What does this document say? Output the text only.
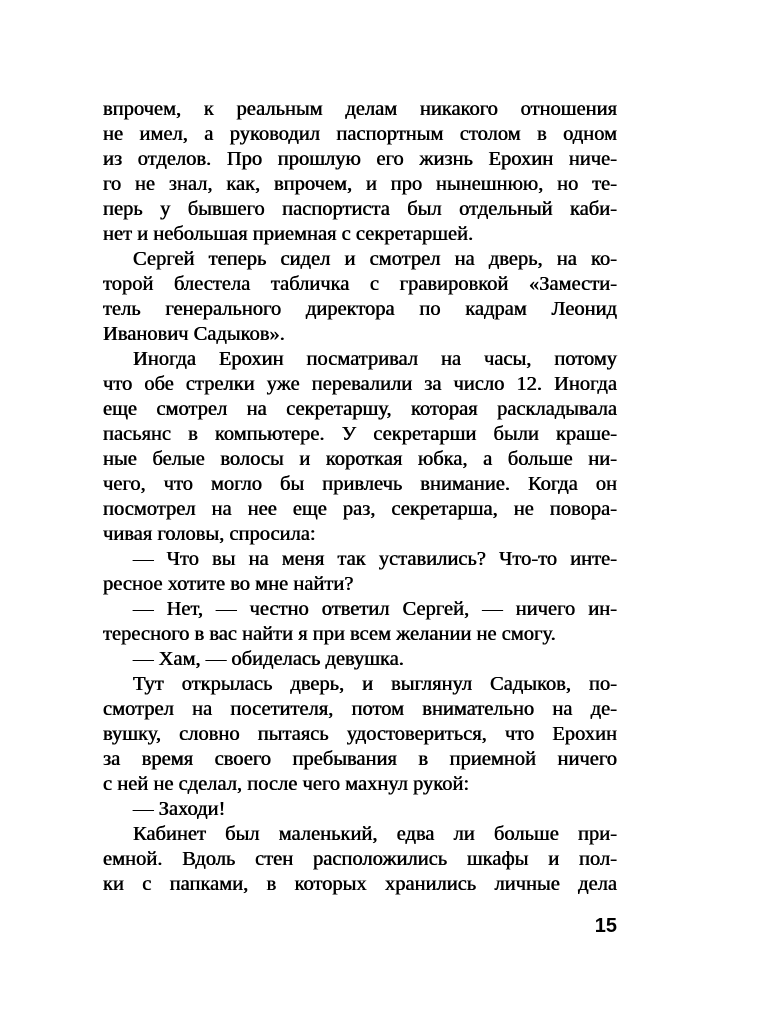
впрочем, к реальным делам никакого отношения
не имел, а руководил паспортным столом в одном
из отделов. Про прошлую его жизнь Ерохин ниче-
го не знал, как, впрочем, и про нынешнюю, но те-
перь у бывшего паспортиста был отдельный каби-
нет и небольшая приемная с секретаршей.
Сергей теперь сидел и смотрел на дверь, на ко-
торой блестела табличка с гравировкой «Замести-
тель генерального директора по кадрам Леонид
Иванович Садыков».
Иногда Ерохин посматривал на часы, потому
что обе стрелки уже перевалили за число 12. Иногда
еще смотрел на секретаршу, которая раскладывала
пасьянс в компьютере. У секретарши были краше-
ные белые волосы и короткая юбка, а больше ни-
чего, что могло бы привлечь внимание. Когда он
посмотрел на нее еще раз, секретарша, не повора-
чивая головы, спросила:
— Что вы на меня так уставились? Что-то инте-
ресное хотите во мне найти?
— Нет, — честно ответил Сергей, — ничего ин-
тересного в вас найти я при всем желании не смогу.
— Хам, — обиделась девушка.
Тут открылась дверь, и выглянул Садыков, по-
смотрел на посетителя, потом внимательно на де-
вушку, словно пытаясь удостовериться, что Ерохин
за время своего пребывания в приемной ничего
с ней не сделал, после чего махнул рукой:
— Заходи!
Кабинет был маленький, едва ли больше при-
емной. Вдоль стен расположились шкафы и пол-
ки с папками, в которых хранились личные дела
15
